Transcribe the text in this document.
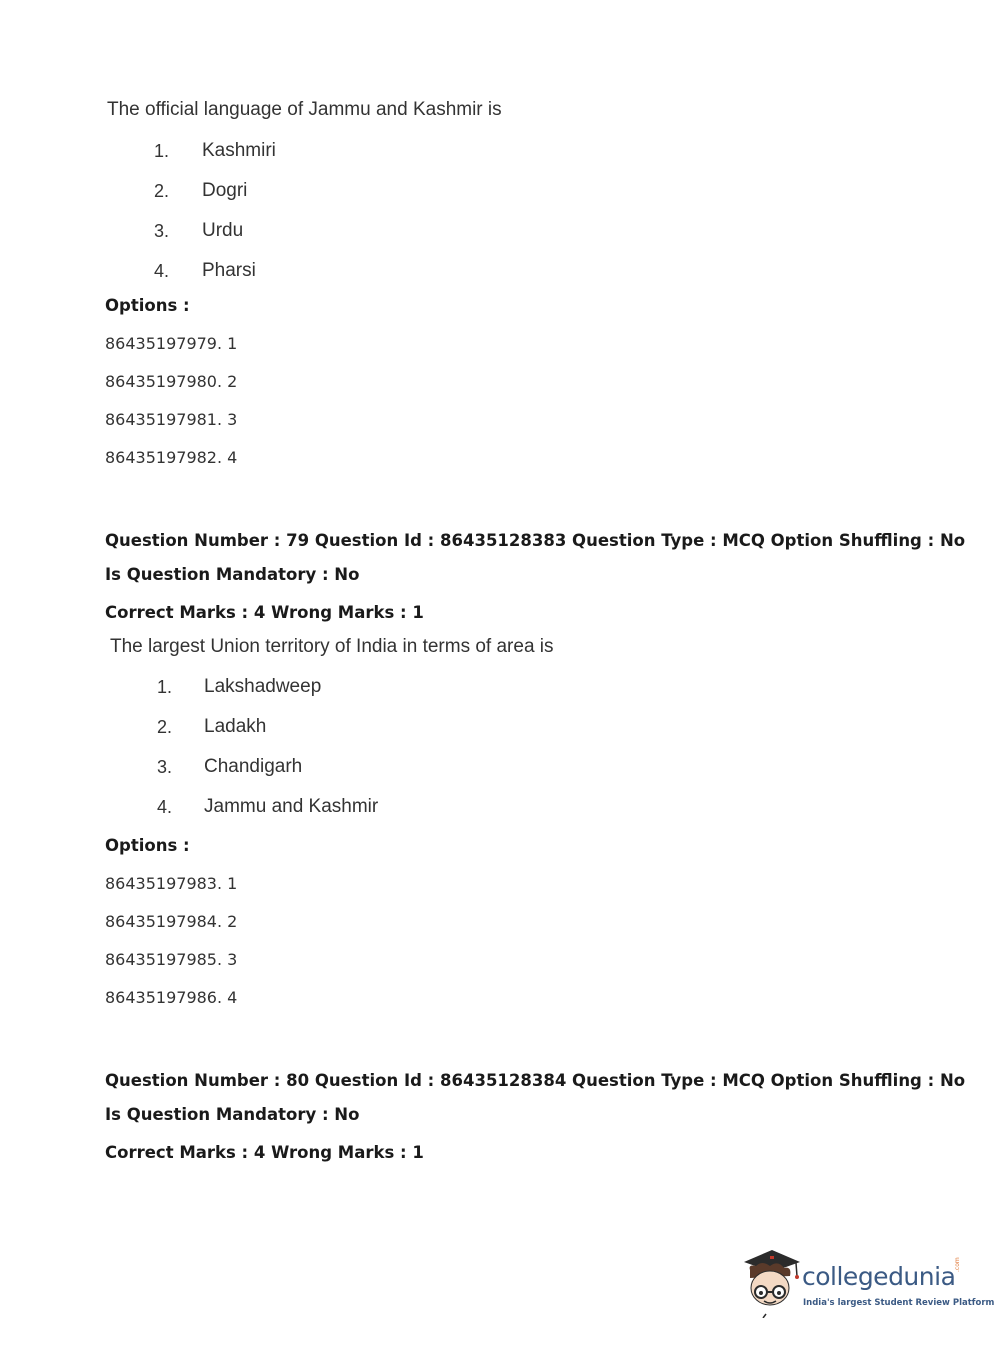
The official language of Jammu and Kashmir is
1. Kashmiri
2. Dogri
3. Urdu
4. Pharsi
Options :
86435197979. 1
86435197980. 2
86435197981. 3
86435197982. 4
Question Number : 79 Question Id : 86435128383 Question Type : MCQ Option Shuffling : No
Is Question Mandatory : No
Correct Marks : 4 Wrong Marks : 1
The largest Union territory of India in terms of area is
1. Lakshadweep
2. Ladakh
3. Chandigarh
4. Jammu and Kashmir
Options :
86435197983. 1
86435197984. 2
86435197985. 3
86435197986. 4
Question Number : 80 Question Id : 86435128384 Question Type : MCQ Option Shuffling : No
Is Question Mandatory : No
Correct Marks : 4 Wrong Marks : 1
collegedunia
.com
India's largest Student Review Platform
